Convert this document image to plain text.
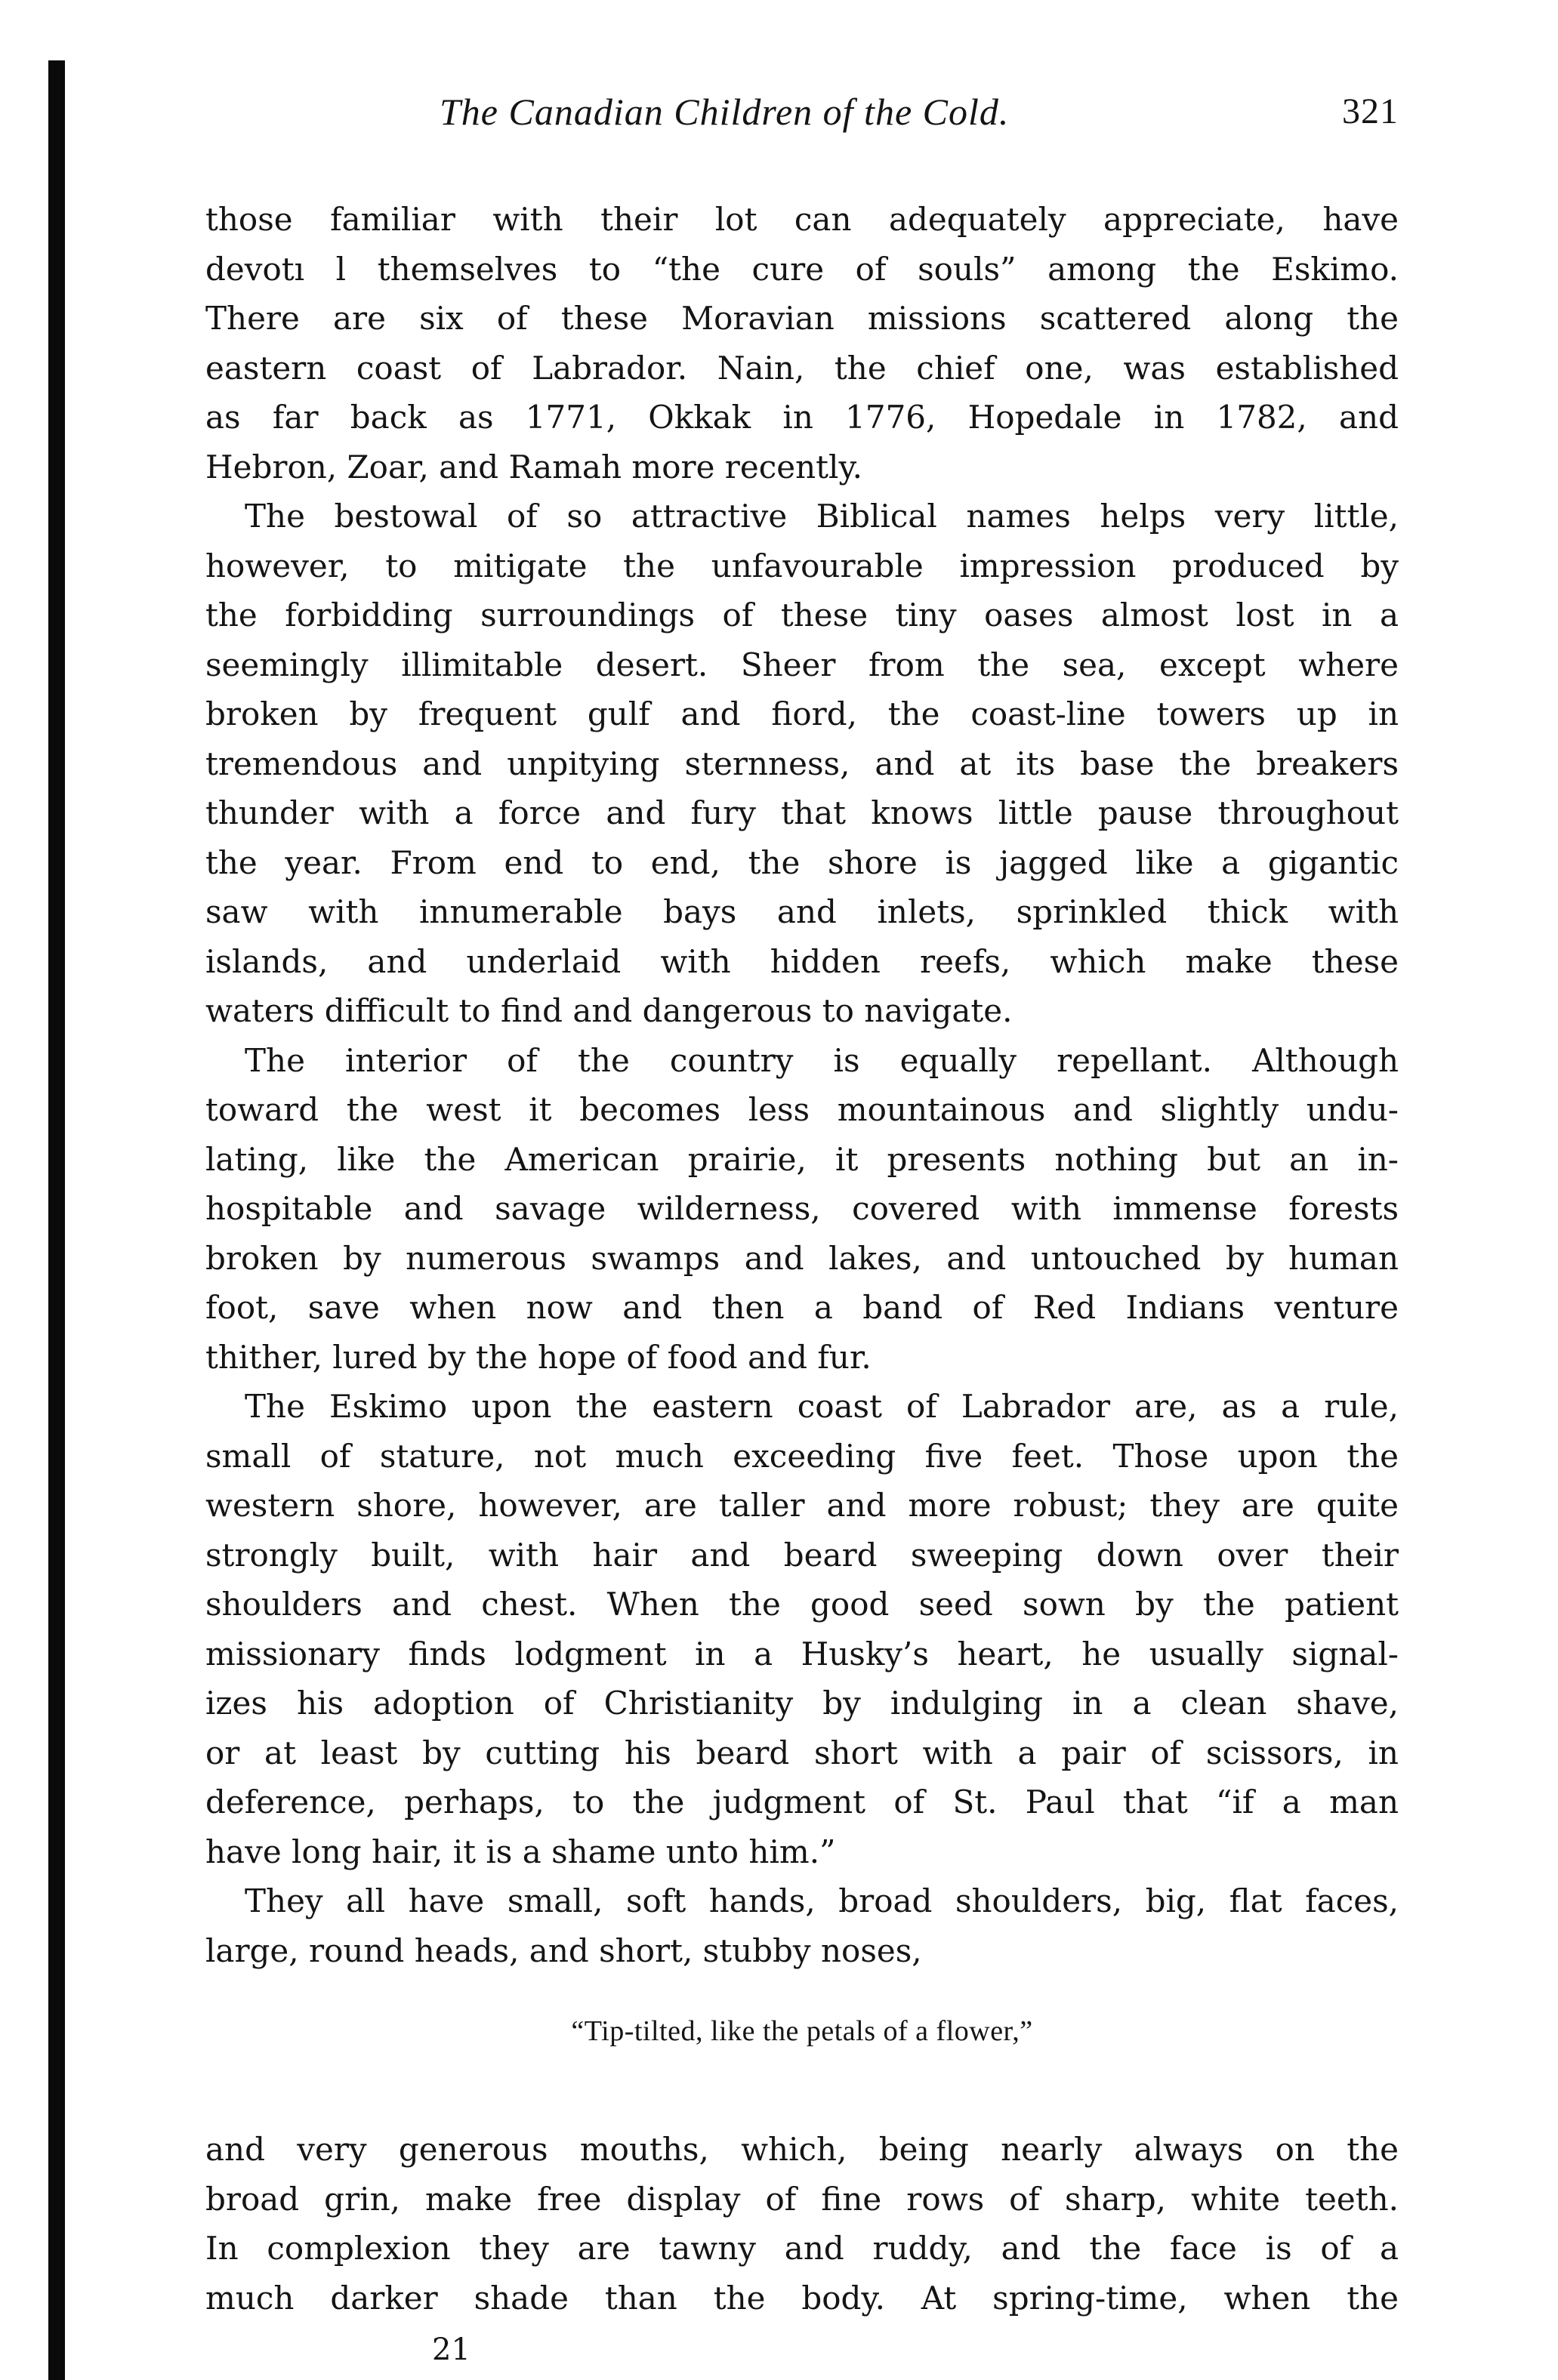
The Canadian Children of the Cold.	321
those familiar with their lot can adequately appreciate, have
devotı l themselves to “the cure of souls” among the Eskimo.
There are six of these Moravian missions scattered along the
eastern coast of Labrador. Nain, the chief one, was established
as far back as 1771, Okkak in 1776, Hopedale in 1782, and
Hebron, Zoar, and Ramah more recently.
The bestowal of so attractive Biblical names helps very little,
however, to mitigate the unfavourable impression produced by
the forbidding surroundings of these tiny oases almost lost in a
seemingly illimitable desert. Sheer from the sea, except where
broken by frequent gulf and fiord, the coast-line towers up in
tremendous and unpitying sternness, and at its base the breakers
thunder with a force and fury that knows little pause throughout
the year. From end to end, the shore is jagged like a gigantic
saw with innumerable bays and inlets, sprinkled thick with
islands, and underlaid with hidden reefs, which make these
waters difficult to find and dangerous to navigate.
The interior of the country is equally repellant. Although
toward the west it becomes less mountainous and slightly undu-
lating, like the American prairie, it presents nothing but an in-
hospitable and savage wilderness, covered with immense forests
broken by numerous swamps and lakes, and untouched by human
foot, save when now and then a band of Red Indians venture
thither, lured by the hope of food and fur.
The Eskimo upon the eastern coast of Labrador are, as a rule,
small of stature, not much exceeding five feet. Those upon the
western shore, however, are taller and more robust; they are quite
strongly built, with hair and beard sweeping down over their
shoulders and chest. When the good seed sown by the patient
missionary finds lodgment in a Husky’s heart, he usually signal-
izes his adoption of Christianity by indulging in a clean shave,
or at least by cutting his beard short with a pair of scissors, in
deference, perhaps, to the judgment of St. Paul that “if a man
have long hair, it is a shame unto him.”
They all have small, soft hands, broad shoulders, big, flat faces,
large, round heads, and short, stubby noses,
“Tip-tilted, like the petals of a flower,”
and very generous mouths, which, being nearly always on the
broad grin, make free display of fine rows of sharp, white teeth.
In complexion they are tawny and ruddy, and the face is of a
much darker shade than the body. At spring-time, when the
21
